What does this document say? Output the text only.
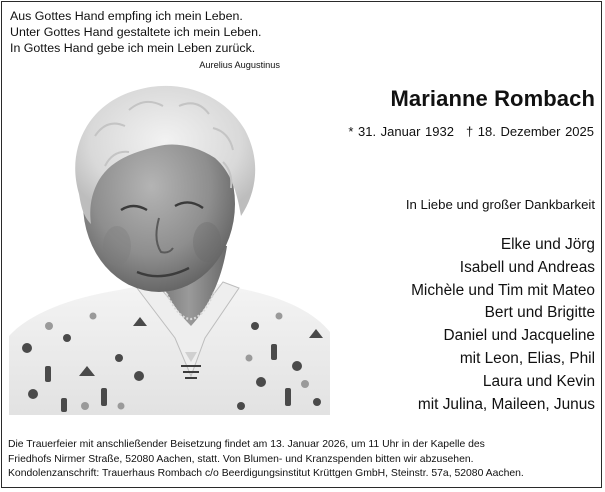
Aus Gottes Hand empfing ich mein Leben.
Unter Gottes Hand gestaltete ich mein Leben.
In Gottes Hand gebe ich mein Leben zurück.
Aurelius Augustinus
Marianne Rombach
* 31. Januar 1932 † 18. Dezember 2025
In Liebe und großer Dankbarkeit
Elke und Jörg
Isabell und Andreas
Michèle und Tim mit Mateo
Bert und Brigitte
Daniel und Jacqueline
mit Leon, Elias, Phil
Laura und Kevin
mit Julina, Maileen, Junus
Die Trauerfeier mit anschließender Beisetzung findet am 13. Januar 2026, um 11 Uhr in der Kapelle des
Friedhofs Nirmer Straße, 52080 Aachen, statt. Von Blumen- und Kranzspenden bitten wir abzusehen.
Kondolenzanschrift: Trauerhaus Rombach c/o Beerdigungsinstitut Krüttgen GmbH, Steinstr. 57a, 52080 Aachen.
